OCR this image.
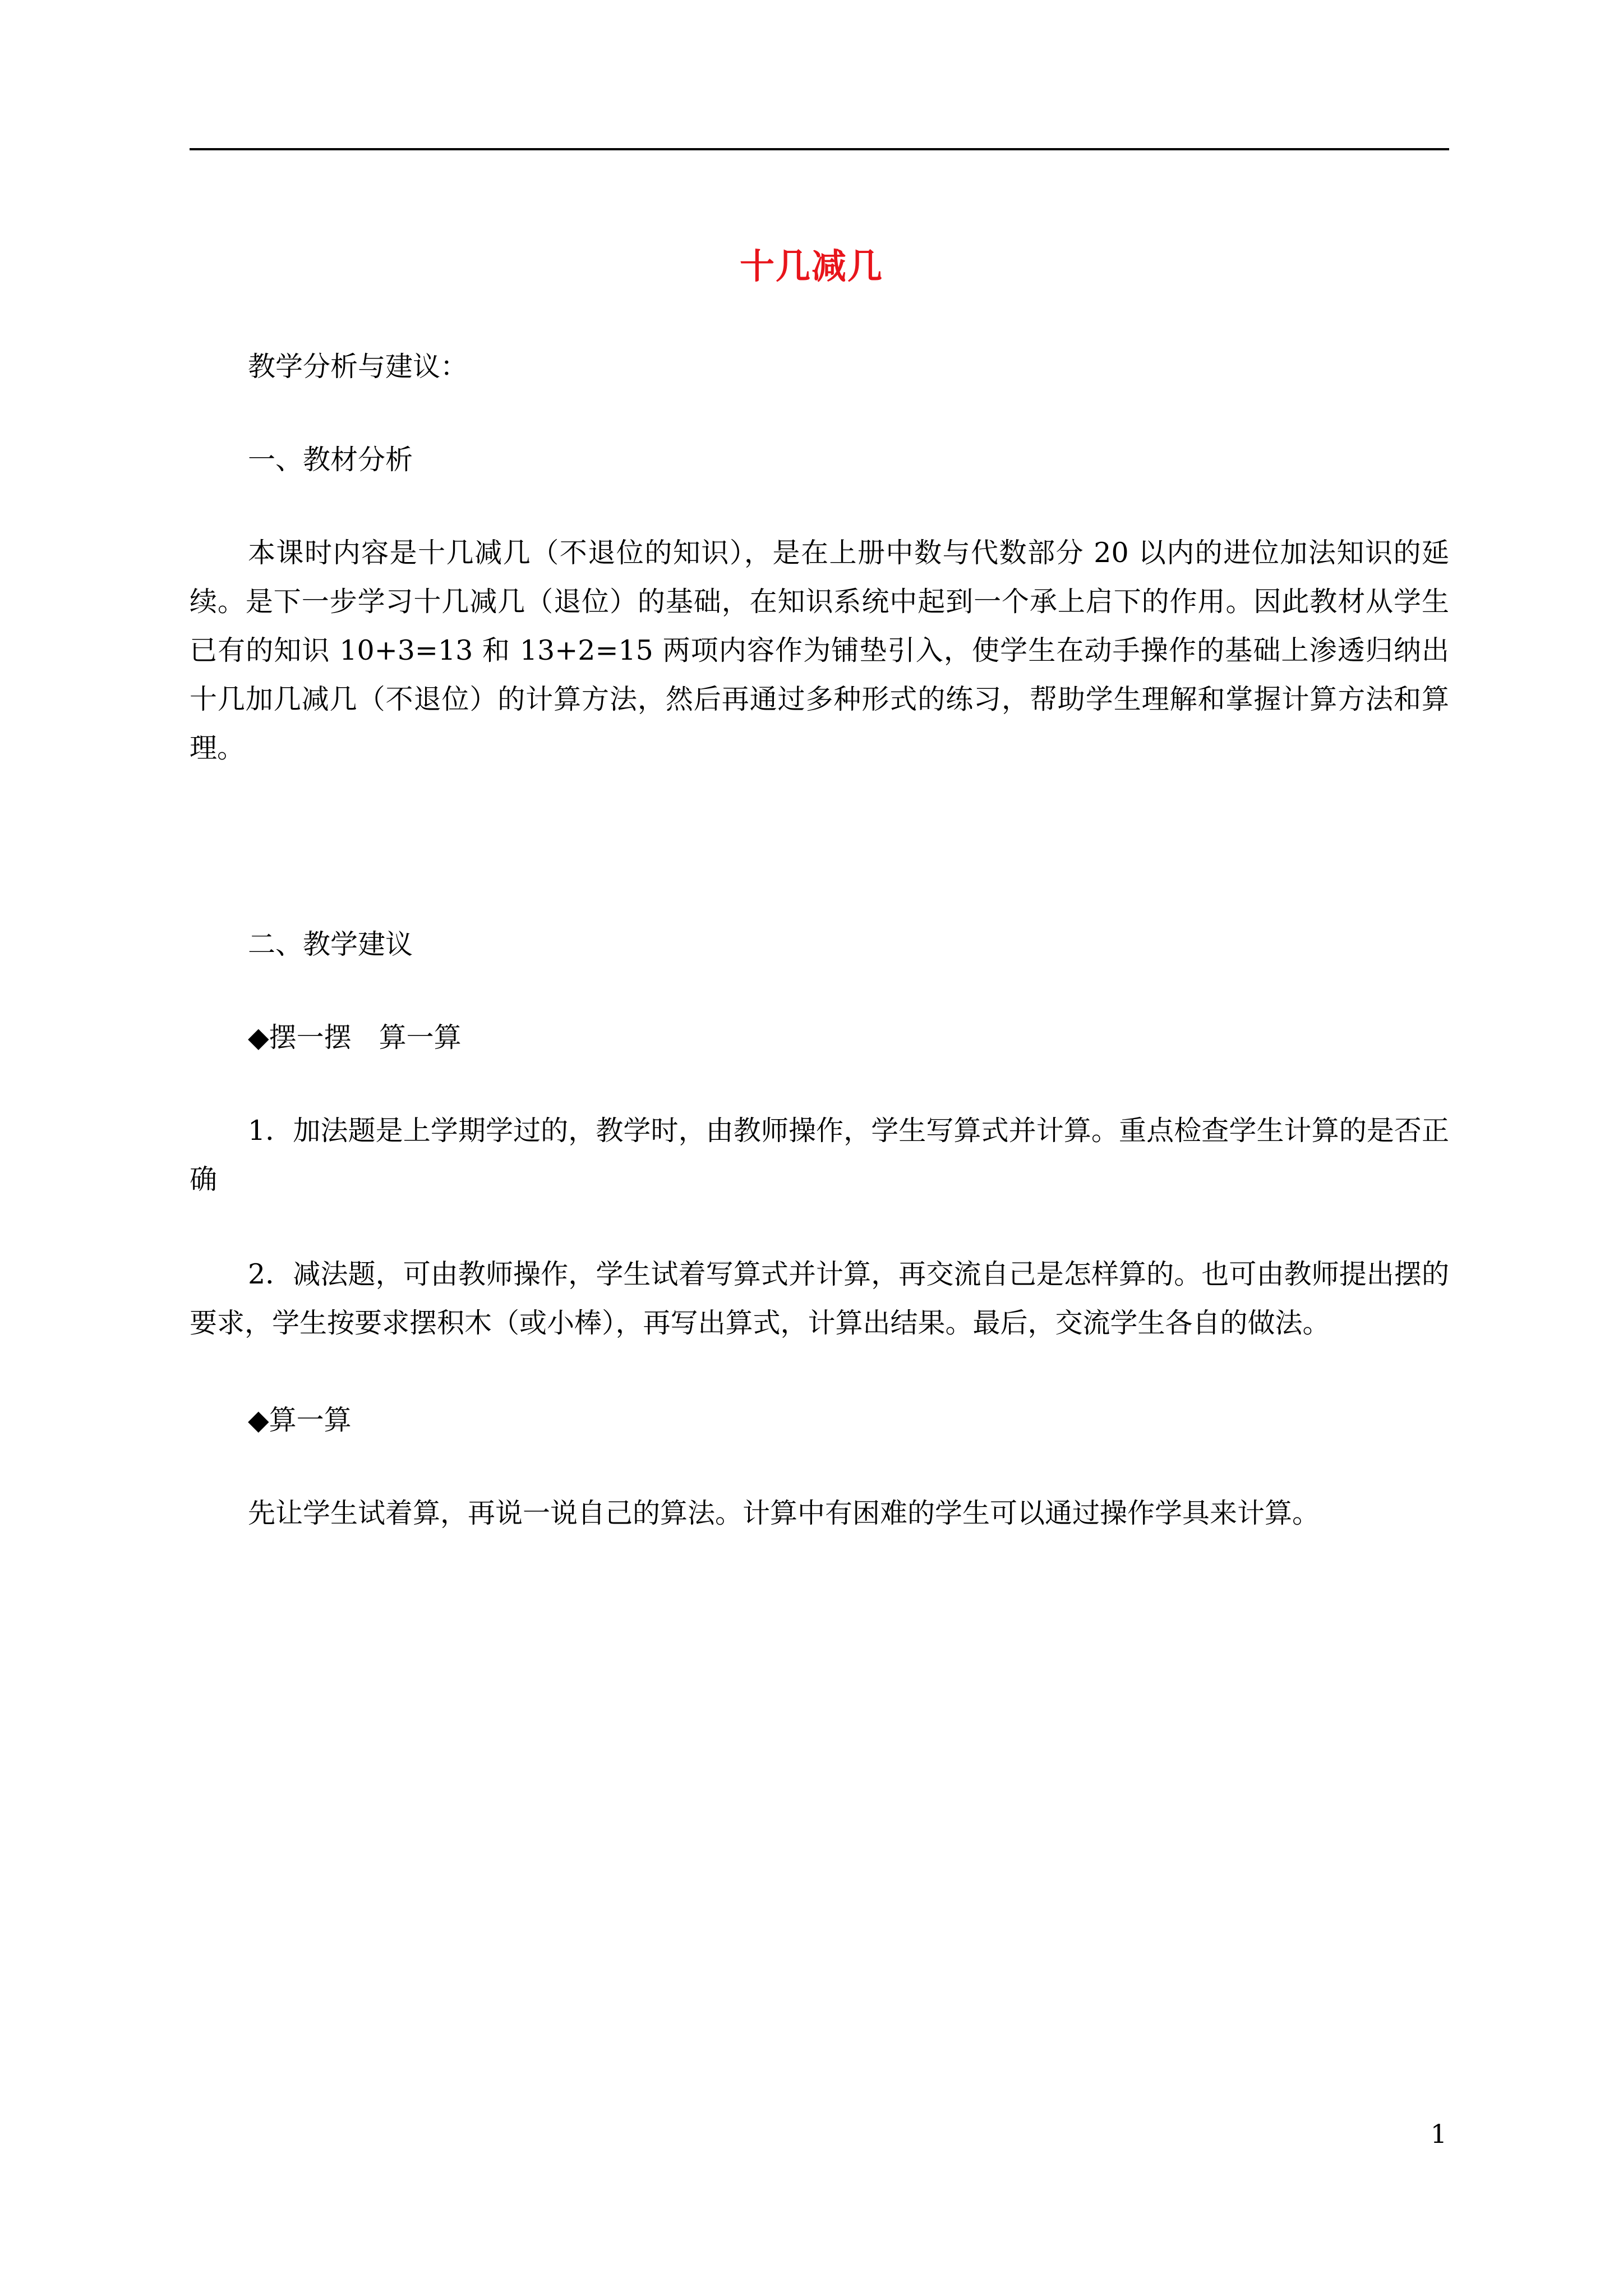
十几减几

教学分析与建议：

一、教材分析

本课时内容是十几减几（不退位的知识），是在上册中数与代数部分 20 以内的进位加法知识的延续。是下一步学习十几减几（退位）的基础，在知识系统中起到一个承上启下的作用。因此教材从学生已有的知识 10+3=13 和 13+2=15 两项内容作为铺垫引入，使学生在动手操作的基础上渗透归纳出十几加几减几（不退位）的计算方法，然后再通过多种形式的练习，帮助学生理解和掌握计算方法和算理。

二、教学建议

◆摆一摆　算一算

1．加法题是上学期学过的，教学时，由教师操作，学生写算式并计算。重点检查学生计算的是否正确

2．减法题，可由教师操作，学生试着写算式并计算，再交流自己是怎样算的。也可由教师提出摆的要求，学生按要求摆积木（或小棒），再写出算式，计算出结果。最后，交流学生各自的做法。

◆算一算

先让学生试着算，再说一说自己的算法。计算中有困难的学生可以通过操作学具来计算。

1
